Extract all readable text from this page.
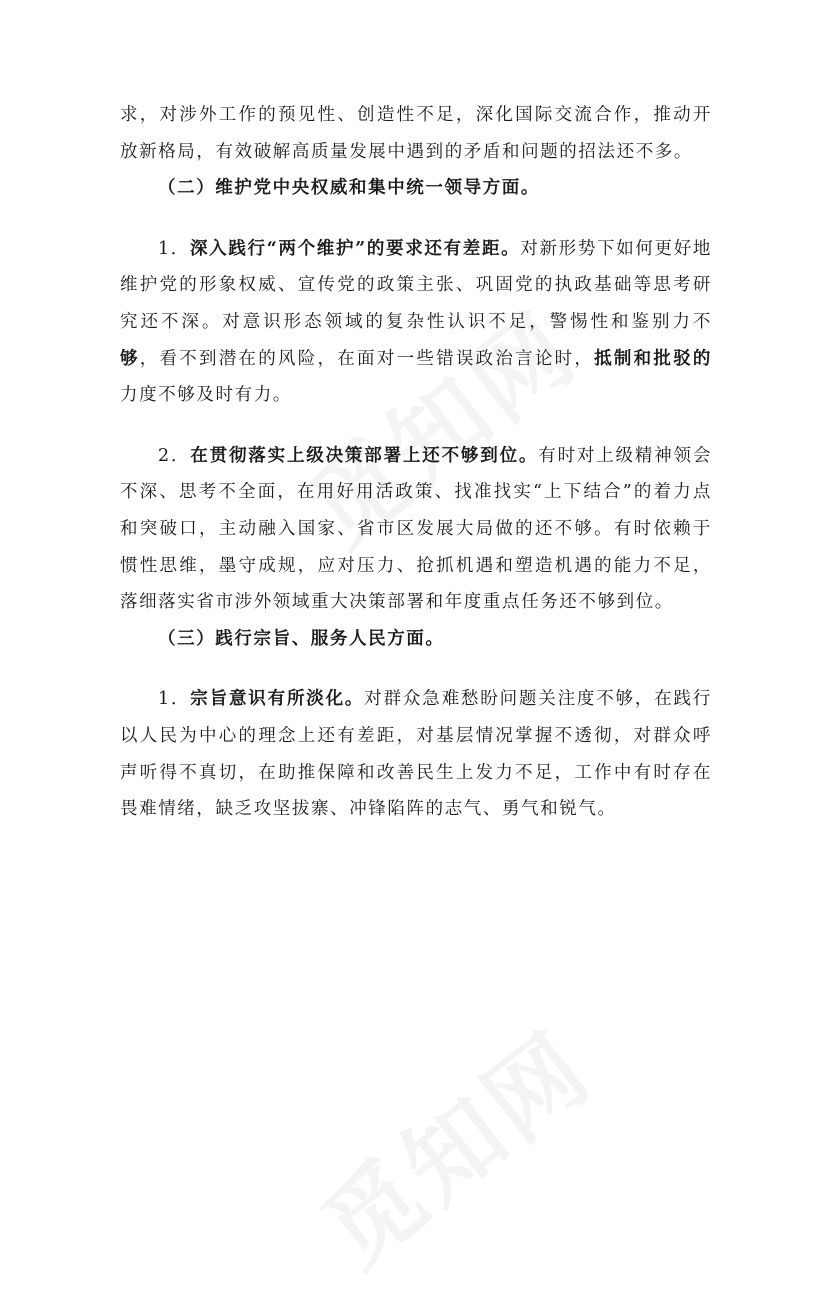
求，对涉外工作的预见性、创造性不足，深化国际交流合作，推动开放新格局，有效破解高质量发展中遇到的矛盾和问题的招法还不多。

（二）维护党中央权威和集中统一领导方面。

1．深入践行“两个维护”的要求还有差距。对新形势下如何更好地维护党的形象权威、宣传党的政策主张、巩固党的执政基础等思考研究还不深。对意识形态领域的复杂性认识不足，警惕性和鉴别力不够，看不到潜在的风险，在面对一些错误政治言论时，抵制和批驳的力度不够及时有力。

2．在贯彻落实上级决策部署上还不够到位。有时对上级精神领会不深、思考不全面，在用好用活政策、找准找实“上下结合”的着力点和突破口，主动融入国家、省市区发展大局做的还不够。有时依赖于惯性思维，墨守成规，应对压力、抢抓机遇和塑造机遇的能力不足，落细落实省市涉外领域重大决策部署和年度重点任务还不够到位。

（三）践行宗旨、服务人民方面。

1．宗旨意识有所淡化。对群众急难愁盼问题关注度不够，在践行以人民为中心的理念上还有差距，对基层情况掌握不透彻，对群众呼声听得不真切，在助推保障和改善民生上发力不足，工作中有时存在畏难情绪，缺乏攻坚拔寨、冲锋陷阵的志气、勇气和锐气。
